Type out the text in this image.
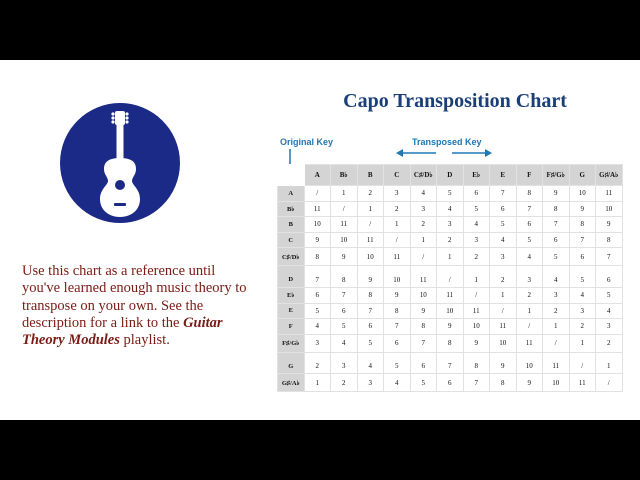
Use this chart as a reference until you've learned enough music theory to transpose on your own. See the description for a link to the Guitar Theory Modules playlist.
Capo Transposition Chart
Original Key	Transposed Key
	A	B♭	B	C	C♯/D♭	D	E♭	E	F	F♯/G♭	G	G♯/A♭
A	/	1	2	3	4	5	6	7	8	9	10	11
B♭	11	/	1	2	3	4	5	6	7	8	9	10
B	10	11	/	1	2	3	4	5	6	7	8	9
C	9	10	11	/	1	2	3	4	5	6	7	8
C♯/D♭	8	9	10	11	/	1	2	3	4	5	6	7
D	7	8	9	10	11	/	1	2	3	4	5	6
E♭	6	7	8	9	10	11	/	1	2	3	4	5
E	5	6	7	8	9	10	11	/	1	2	3	4
F	4	5	6	7	8	9	10	11	/	1	2	3
F♯/G♭	3	4	5	6	7	8	9	10	11	/	1	2
G	2	3	4	5	6	7	8	9	10	11	/	1
G♯/A♭	1	2	3	4	5	6	7	8	9	10	11	/
